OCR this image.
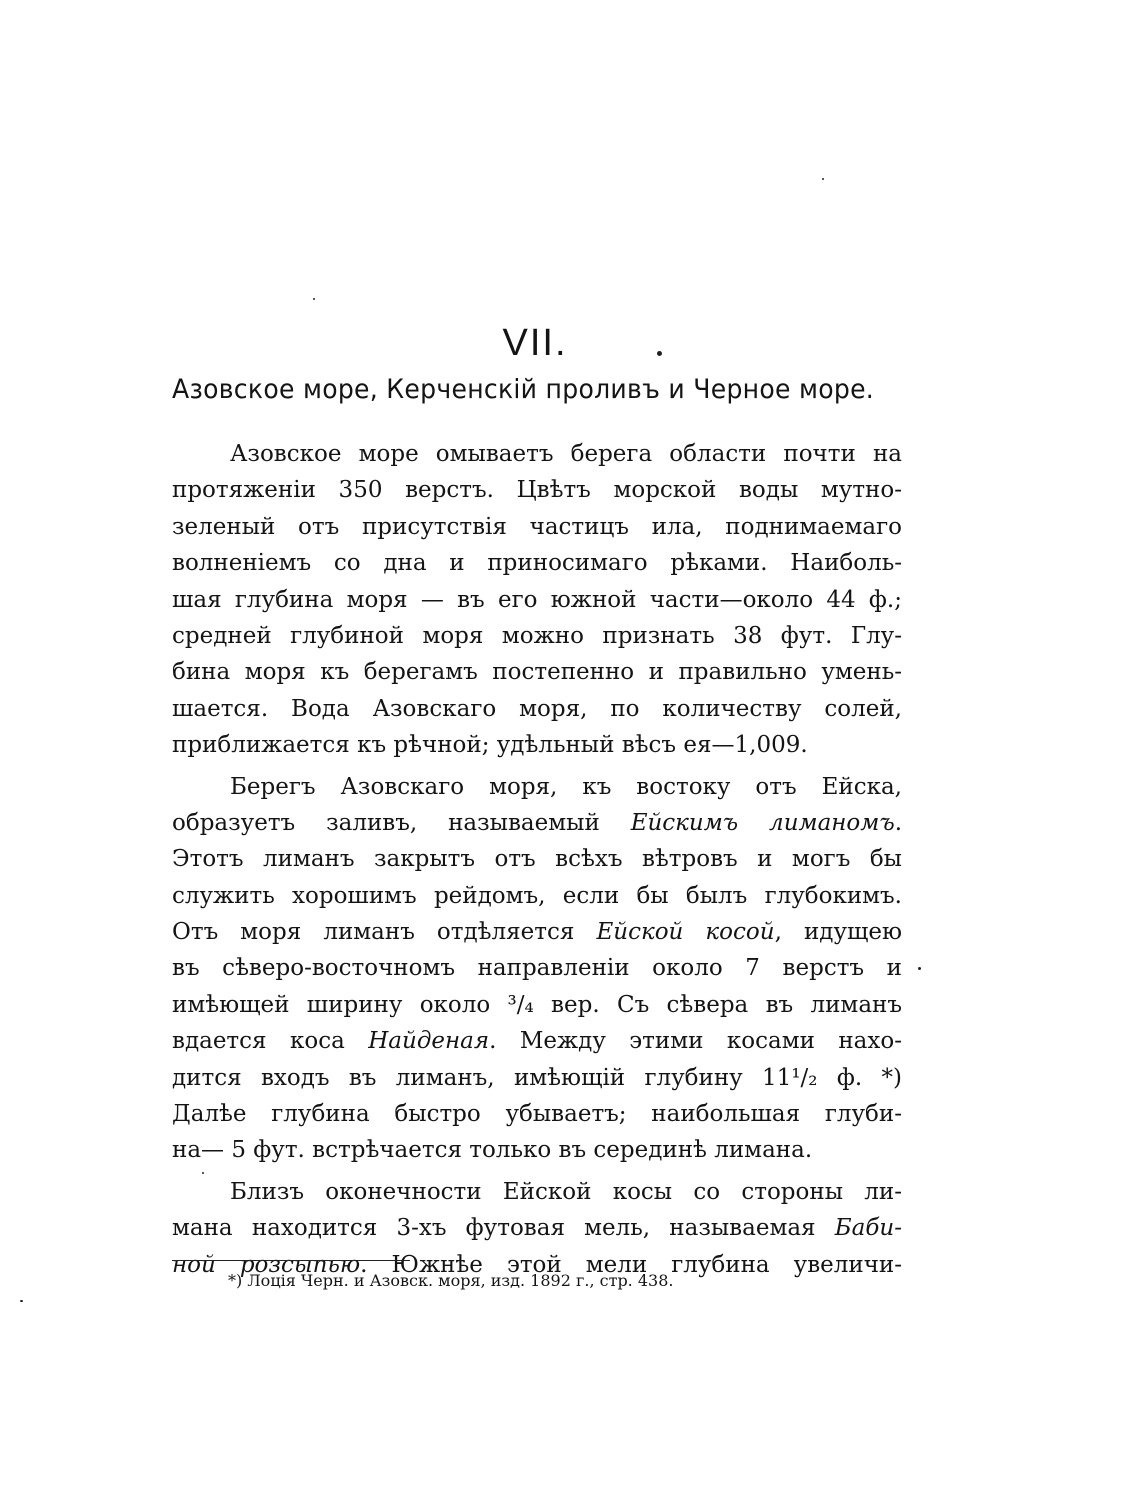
VII.
Азовское море, Керченскій проливъ и Черное море.
Азовское море омываетъ берега области почти на
протяженіи 350 верстъ. Цвѣтъ морской воды мутно-
зеленый отъ присутствія частицъ ила, поднимаемаго
волненіемъ со дна и приносимаго рѣками. Наиболь-
шая глубина моря — въ его южной части—около 44 ф.;
средней глубиной моря можно признать 38 фут. Глу-
бина моря къ берегамъ постепенно и правильно умень-
шается. Вода Азовскаго моря, по количеству солей,
приближается къ рѣчной; удѣльный вѣсъ ея—1,009.
Берегъ Азовскаго моря, къ востоку отъ Ейска,
образуетъ заливъ, называемый Ейскимъ лиманомъ.
Этотъ лиманъ закрытъ отъ всѣхъ вѣтровъ и могъ бы
служить хорошимъ рейдомъ, если бы былъ глубокимъ.
Отъ моря лиманъ отдѣляется Ейской косой, идущею
въ сѣверо-восточномъ направленіи около 7 верстъ и
имѣющей ширину около ³/₄ вер. Съ сѣвера въ лиманъ
вдается коса Найденая. Между этими косами нахо-
дится входъ въ лиманъ, имѣющій глубину 11¹/₂ ф. *)
Далѣе глубина быстро убываетъ; наибольшая глуби-
на— 5 фут. встрѣчается только въ серединѣ лимана.
Близъ оконечности Ейской косы со стороны ли-
мана находится 3-хъ футовая мель, называемая Баби-
ной розсыпью. Южнѣе этой мели глубина увеличи-
*) Лоція Черн. и Азовск. моря, изд. 1892 г., стр. 438.
